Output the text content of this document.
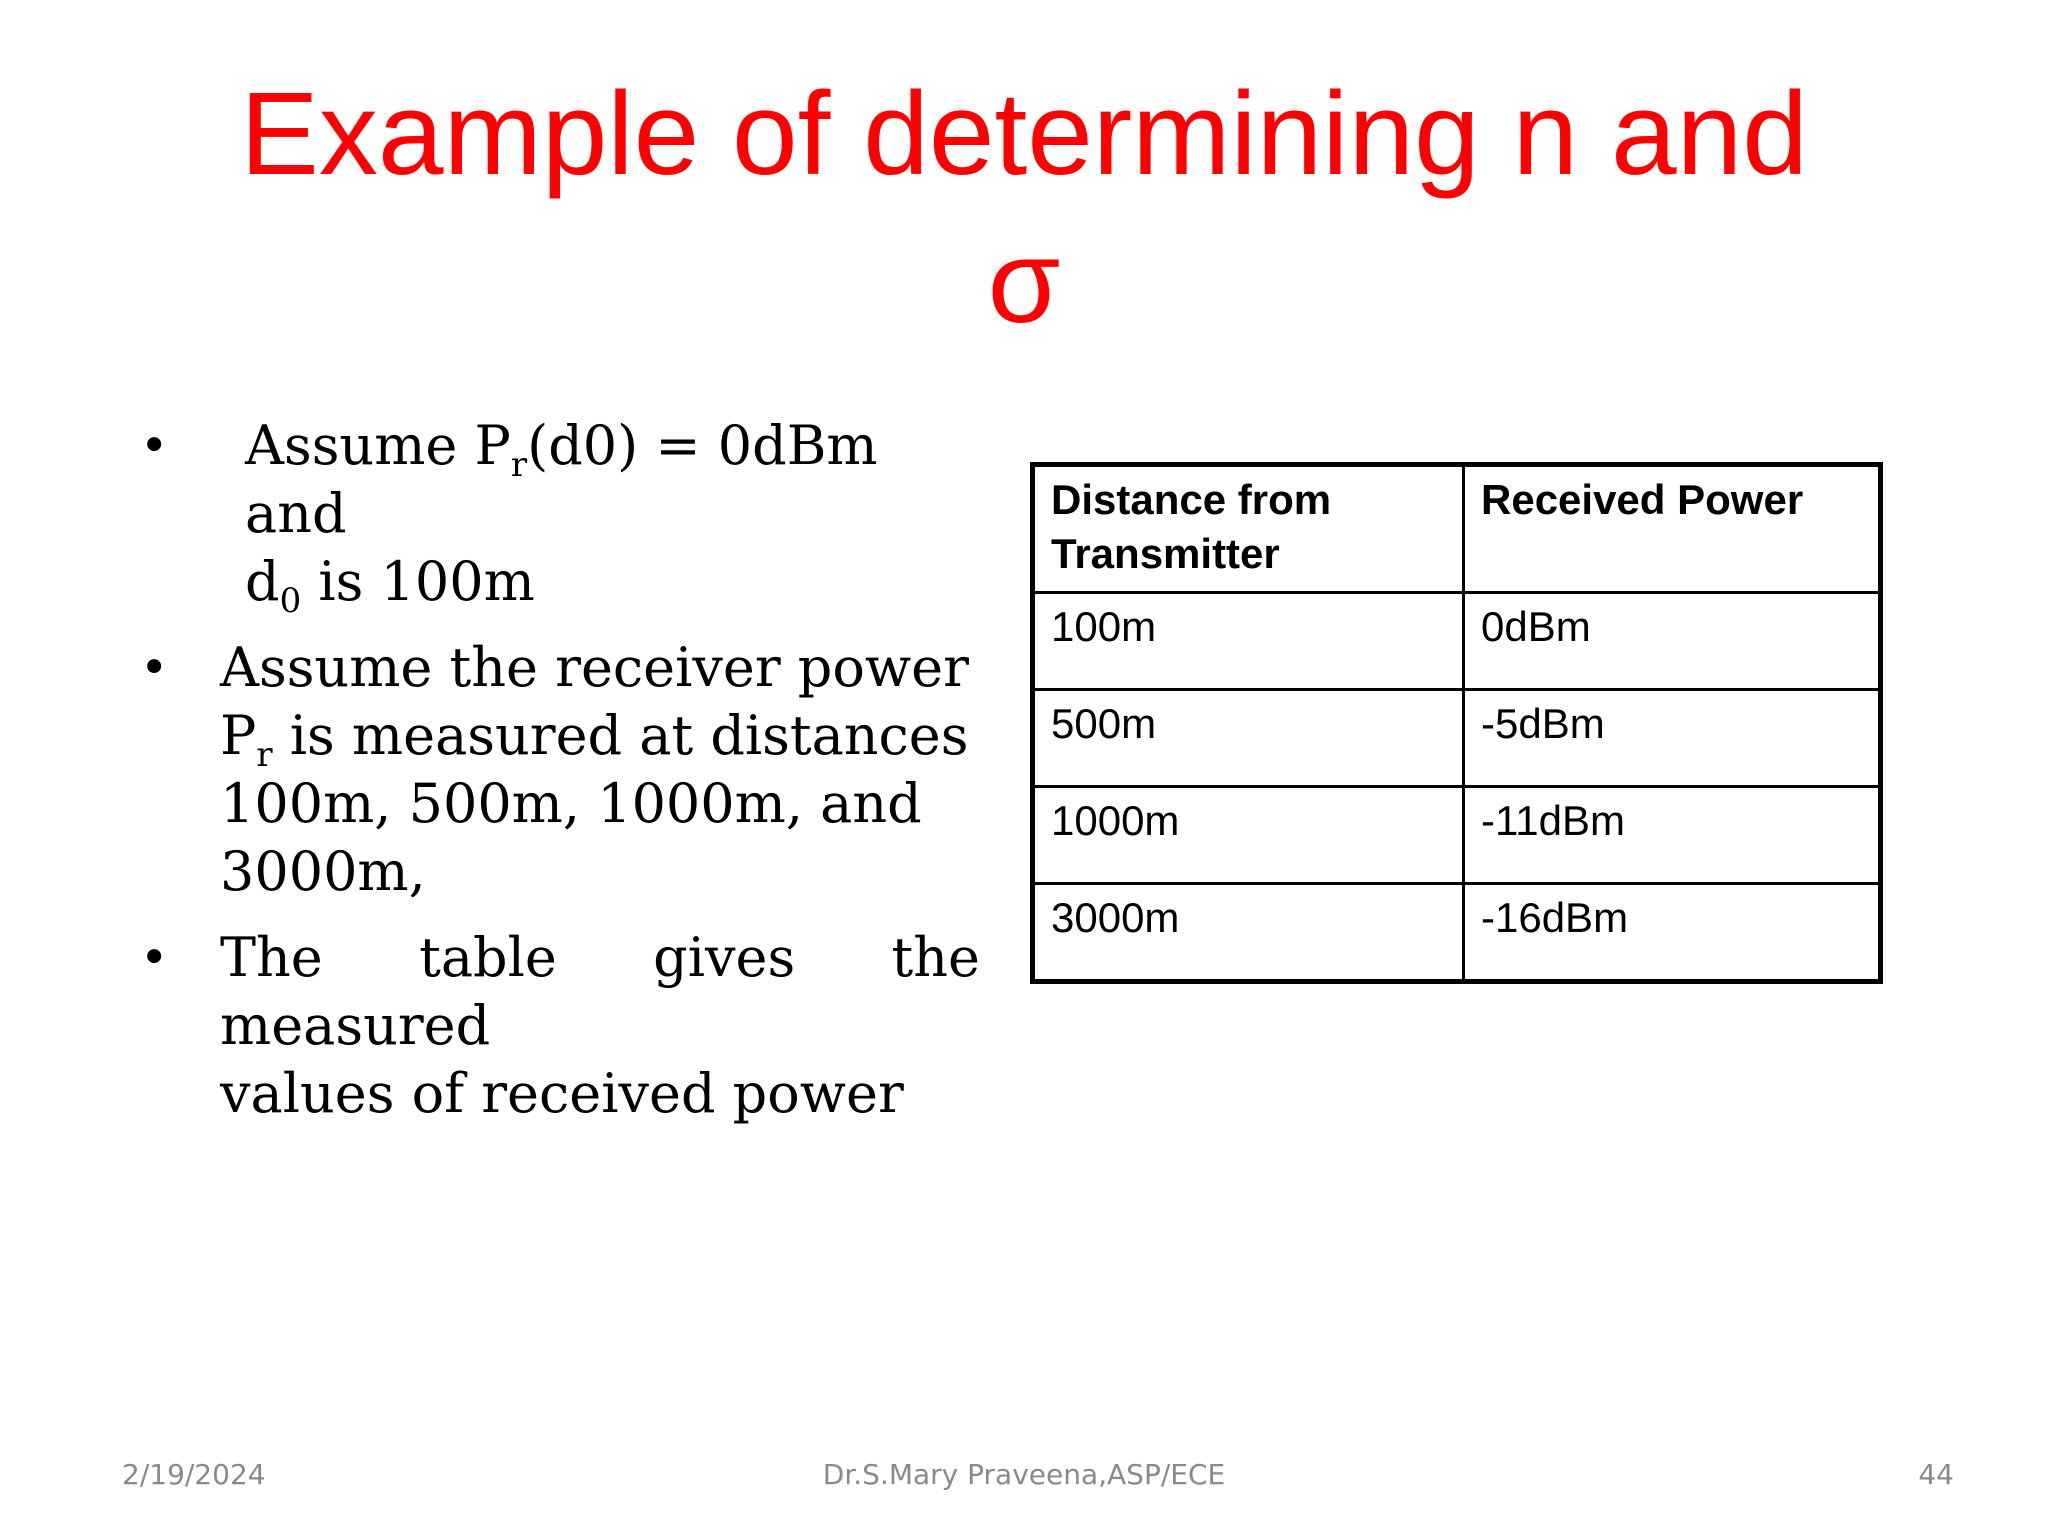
Example of determining n and
σ
• Assume $P_r(d0) = 0dBm$ and
$d_0$ is 100m
• Assume the receiver power
$P_r$ is measured at distances
100m, 500m, 1000m, and
3000m,
• The table gives the measured
values of received power
Distance from Transmitter	Received Power
100m	0dBm
500m	-5dBm
1000m	-11dBm
3000m	-16dBm
2/19/2024	Dr.S.Mary Praveena,ASP/ECE	44
